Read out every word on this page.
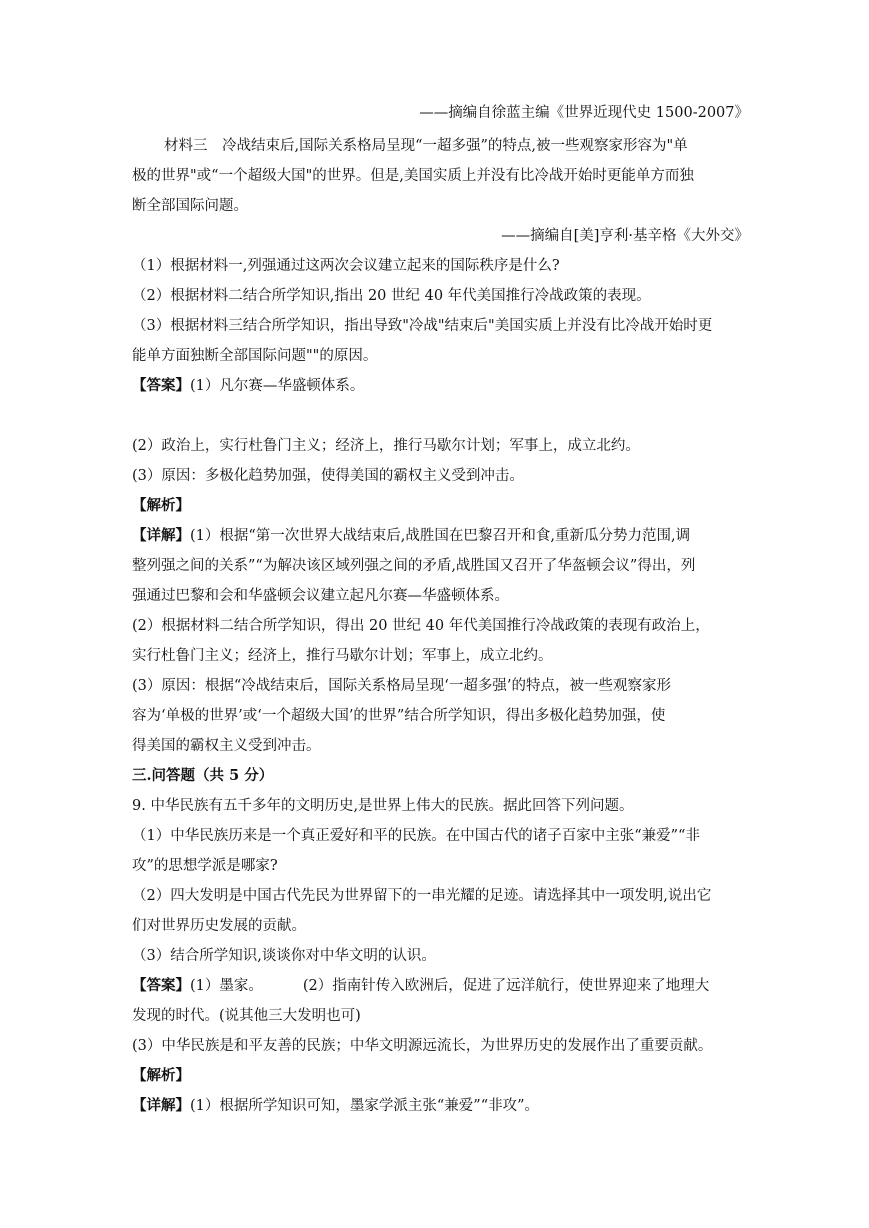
——摘编自徐蓝主编《世界近现代史 1500-2007》
材料三　冷战结束后,国际关系格局呈现“一超多强”的特点,被一些观察家形容为"单
极的世界"或“一个超级大国"的世界。但是,美国实质上并没有比冷战开始时更能单方而独
断全部国际问题。
——摘编自[美]亨利·基辛格《大外交》
（1）根据材料一,列强通过这两次会议建立起来的国际秩序是什么?
（2）根据材料二结合所学知识,指出 20 世纪 40 年代美国推行冷战政策的表现。
（3）根据材料三结合所学知识，指出导致"冷战"结束后"美国实质上并没有比冷战开始时更
能单方面独断全部国际问题""的原因。
【答案】(1）凡尔赛—华盛顿体系。
(2）政治上，实行杜鲁门主义；经济上，推行马歇尔计划；军事上，成立北约。
(3）原因：多极化趋势加强，使得美国的霸权主义受到冲击。
【解析】
【详解】(1）根据“第一次世界大战结束后,战胜国在巴黎召开和食,重新瓜分势力范围,调
整列强之间的关系”“为解决该区域列强之间的矛盾,战胜国又召开了华盔顿会议”得出，列
强通过巴黎和会和华盛顿会议建立起凡尔赛—华盛顿体系。
(2）根据材料二结合所学知识，得出 20 世纪 40 年代美国推行冷战政策的表现有政治上，
实行杜鲁门主义；经济上，推行马歇尔计划；军事上，成立北约。
(3）原因：根据“冷战结束后，国际关系格局呈现‘一超多强’的特点，被一些观察家形
容为‘单极的世界’或‘一个超级大国’的世界”结合所学知识，得出多极化趋势加强，使
得美国的霸权主义受到冲击。
三.问答题（共 5 分）
9. 中华民族有五千多年的文明历史,是世界上伟大的民族。据此回答下列问题。
（1）中华民族历来是一个真正爱好和平的民族。在中国古代的诸子百家中主张“兼爱”“非
攻”的思想学派是哪家?
（2）四大发明是中国古代先民为世界留下的一串光耀的足迹。请选择其中一项发明,说出它
们对世界历史发展的贡献。
（3）结合所学知识,谈谈你对中华文明的认识。
【答案】(1）墨家。	(2）指南针传入欧洲后，促进了远洋航行，使世界迎来了地理大
发现的时代。(说其他三大发明也可)
(3）中华民族是和平友善的民族；中华文明源远流长，为世界历史的发展作出了重要贡献。
【解析】
【详解】(1）根据所学知识可知，墨家学派主张“兼爱”“非攻”。
